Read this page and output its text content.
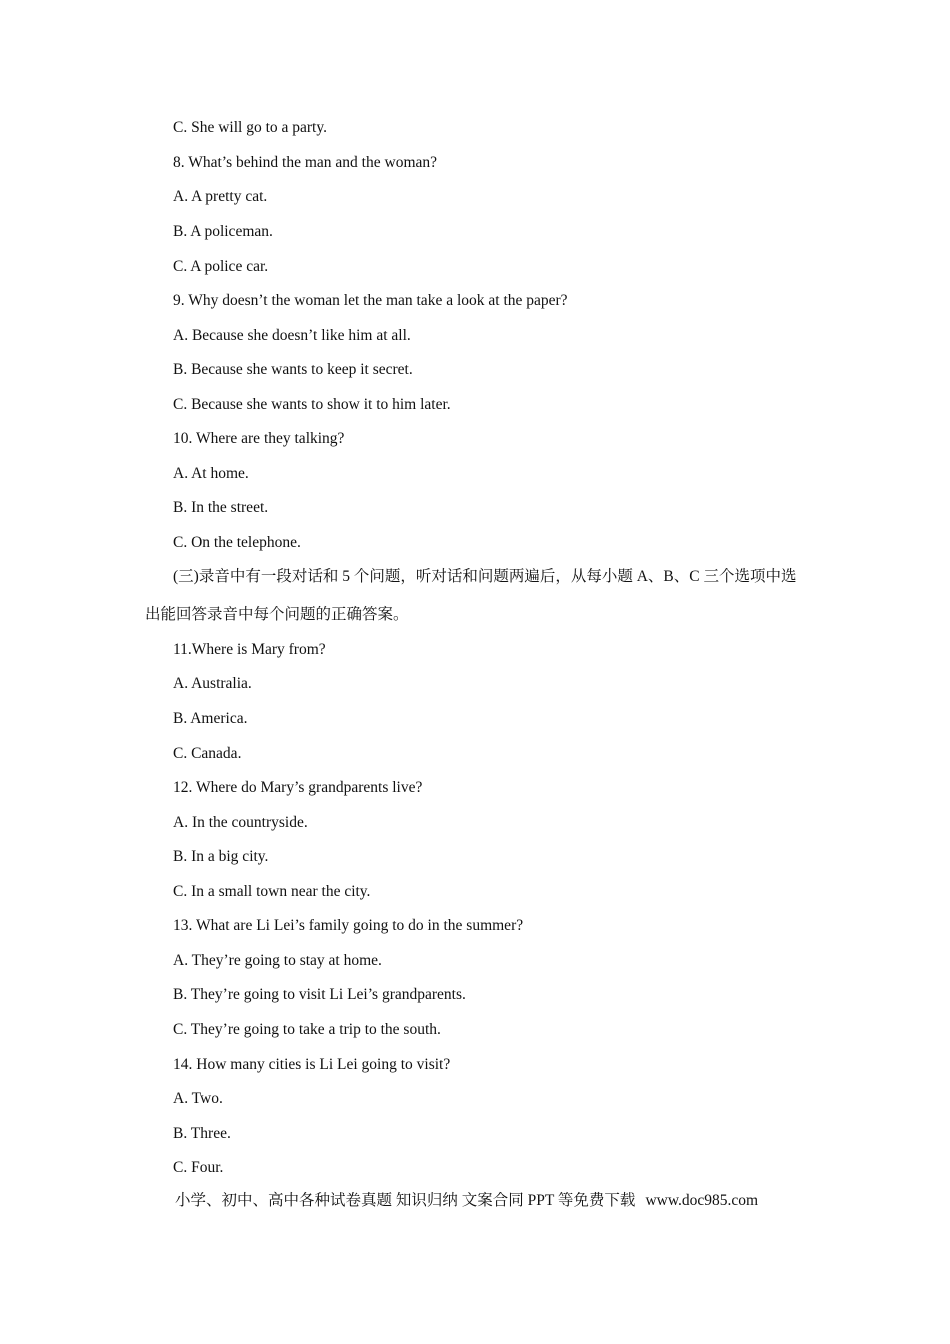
C. She will go to a party.
8. What’s behind the man and the woman?
A. A pretty cat.
B. A policeman.
C. A police car.
9. Why doesn’t the woman let the man take a look at the paper?
A. Because she doesn’t like him at all.
B. Because she wants to keep it secret.
C. Because she wants to show it to him later.
10. Where are they talking?
A. At home.
B. In the street.
C. On the telephone.
(三)录音中有一段对话和 5 个问题，听对话和问题两遍后，从每小题 A、B、C 三个选项中选出能回答录音中每个问题的正确答案。
11.Where is Mary from?
A. Australia.
B. America.
C. Canada.
12. Where do Mary’s grandparents live?
A. In the countryside.
B. In a big city.
C. In a small town near the city.
13. What are Li Lei’s family going to do in the summer?
A. They’re going to stay at home.
B. They’re going to visit Li Lei’s grandparents.
C. They’re going to take a trip to the south.
14. How many cities is Li Lei going to visit?
A. Two.
B. Three.
C. Four.
小学、初中、高中各种试卷真题 知识归纳 文案合同 PPT 等免费下载 www.doc985.com
